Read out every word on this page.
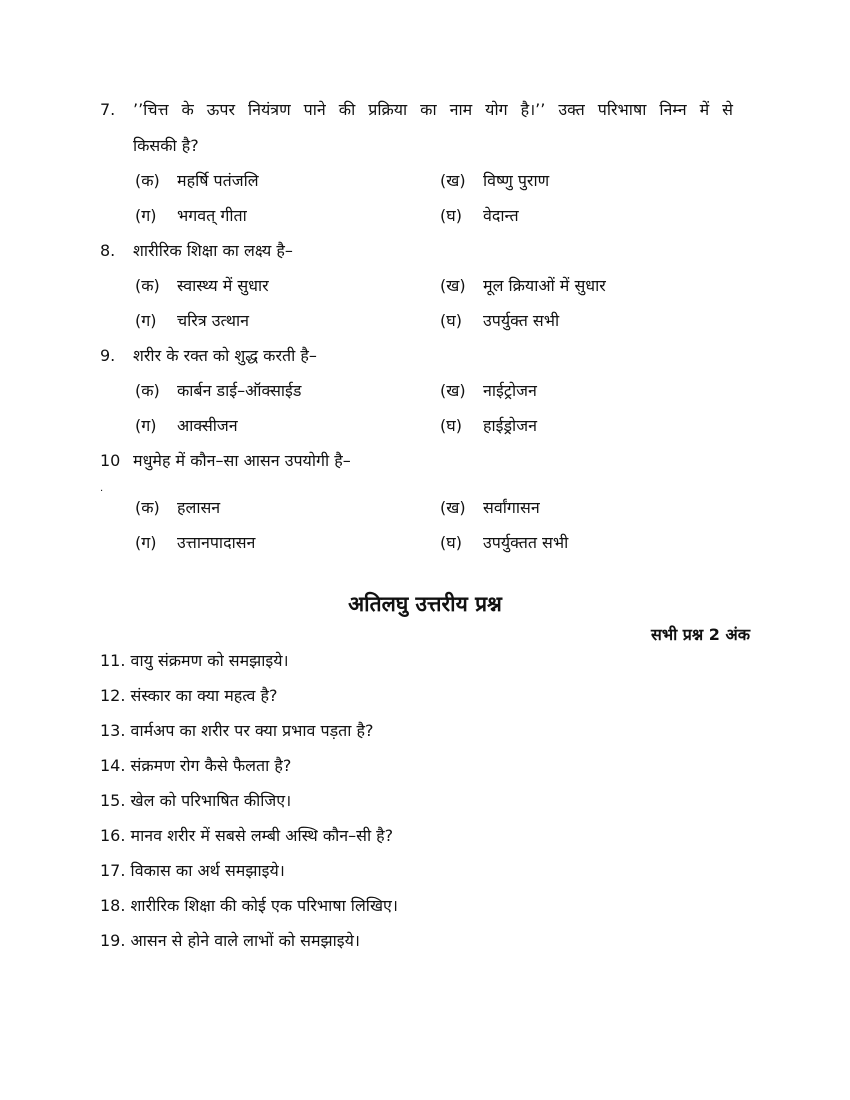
7. ’’चित्त के ऊपर नियंत्रण पाने की प्रक्रिया का नाम योग है।’’ उक्त परिभाषा निम्न में से
किसकी है?
(क) महर्षि पतंजलि	(ख) विष्णु पुराण
(ग) भगवत् गीता	(घ) वेदान्त
8. शारीरिक शिक्षा का लक्ष्य है–
(क) स्वास्थ्य में सुधार	(ख) मूल क्रियाओं में सुधार
(ग) चरित्र उत्थान	(घ) उपर्युक्त सभी
9. शरीर के रक्त को शुद्ध करती है–
(क) कार्बन डाई–ऑक्साईड	(ख) नाईट्रोजन
(ग) आक्सीजन	(घ) हाईड्रोजन
10 मधुमेह में कौन–सा आसन उपयोगी है–
.
(क) हलासन	(ख) सर्वांगासन
(ग) उत्तानपादासन	(घ) उपर्युक्तत सभी
अतिलघु उत्तरीय प्रश्न
सभी प्रश्न 2 अंक
11. वायु संक्रमण को समझाइये।
12. संस्कार का क्या महत्व है?
13. वार्मअप का शरीर पर क्या प्रभाव पड़ता है?
14. संक्रमण रोग कैसे फैलता है?
15. खेल को परिभाषित कीजिए।
16. मानव शरीर में सबसे लम्बी अस्थि कौन–सी है?
17. विकास का अर्थ समझाइये।
18. शारीरिक शिक्षा की कोई एक परिभाषा लिखिए।
19. आसन से होने वाले लाभों को समझाइये।
